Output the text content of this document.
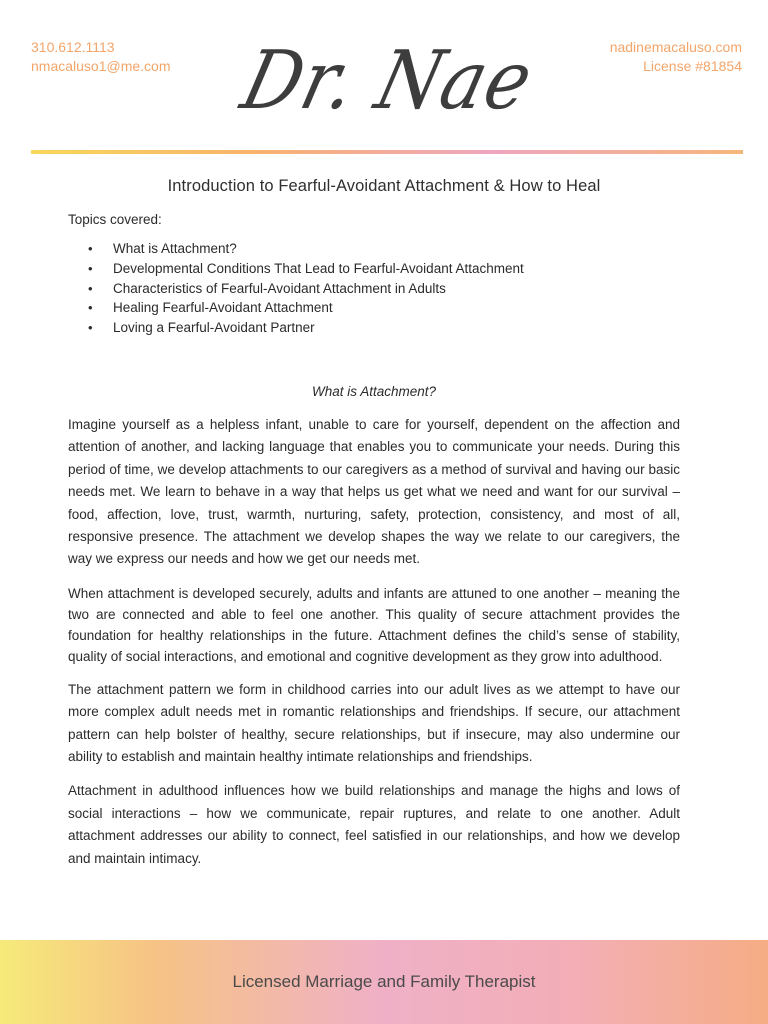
310.612.1113
nmacaluso1@me.com Dr. Nae	nadinemacaluso.com
License #81854
Introduction to Fearful-Avoidant Attachment & How to Heal
Topics covered:
• What is Attachment?
• Developmental Conditions That Lead to Fearful-Avoidant Attachment
• Characteristics of Fearful-Avoidant Attachment in Adults
• Healing Fearful-Avoidant Attachment
• Loving a Fearful-Avoidant Partner
What is Attachment?

Imagine yourself as a helpless infant, unable to care for yourself, dependent on the affection and attention of another, and lacking language that enables you to communicate your needs. During this period of time, we develop attachments to our caregivers as a method of survival and having our basic needs met. We learn to behave in a way that helps us get what we need and want for our survival – food, affection, love, trust, warmth, nurturing, safety, protection, consistency, and most of all, responsive presence. The attachment we develop shapes the way we relate to our caregivers, the way we express our needs and how we get our needs met.

When attachment is developed securely, adults and infants are attuned to one another – meaning the two are connected and able to feel one another. This quality of secure attachment provides the foundation for healthy relationships in the future. Attachment defines the child’s sense of stability, quality of social interactions, and emotional and cognitive development as they grow into adulthood.

The attachment pattern we form in childhood carries into our adult lives as we attempt to have our more complex adult needs met in romantic relationships and friendships. If secure, our attachment pattern can help bolster of healthy, secure relationships, but if insecure, may also undermine our ability to establish and maintain healthy intimate relationships and friendships.

Attachment in adulthood influences how we build relationships and manage the highs and lows of social interactions – how we communicate, repair ruptures, and relate to one another. Adult attachment addresses our ability to connect, feel satisfied in our relationships, and how we develop and maintain intimacy.

Licensed Marriage and Family Therapist
